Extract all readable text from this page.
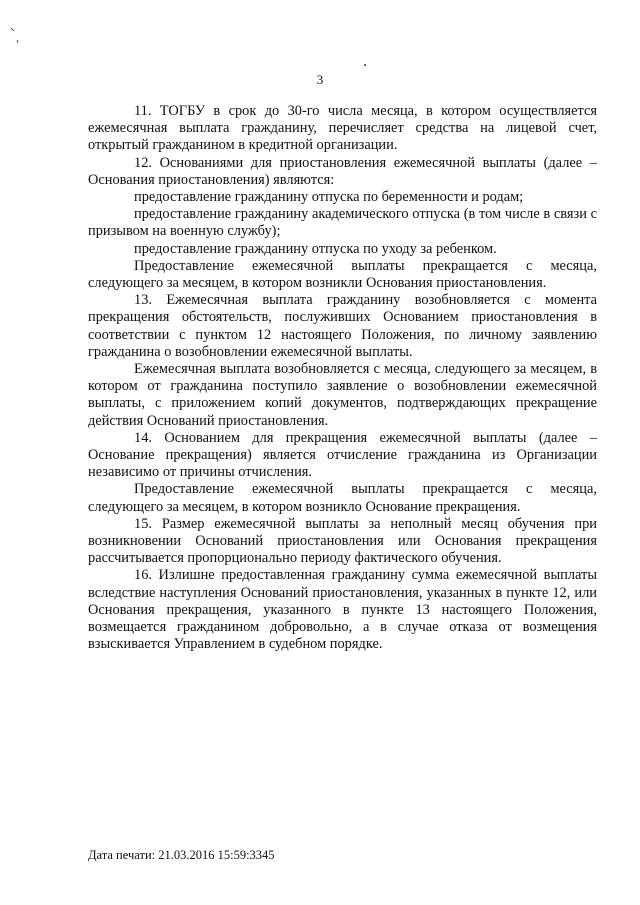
3

11. ТОГБУ в срок до 30-го числа месяца, в котором осуществляется ежемесячная выплата гражданину, перечисляет средства на лицевой счет, открытый гражданином в кредитной организации.

12. Основаниями для приостановления ежемесячной выплаты (далее – Основания приостановления) являются:

предоставление гражданину отпуска по беременности и родам;

предоставление гражданину академического отпуска (в том числе в связи с призывом на военную службу);

предоставление гражданину отпуска по уходу за ребенком.

Предоставление ежемесячной выплаты прекращается с месяца, следующего за месяцем, в котором возникли Основания приостановления.

13. Ежемесячная выплата гражданину возобновляется с момента прекращения обстоятельств, послуживших Основанием приостановления в соответствии с пунктом 12 настоящего Положения, по личному заявлению гражданина о возобновлении ежемесячной выплаты.

Ежемесячная выплата возобновляется с месяца, следующего за месяцем, в котором от гражданина поступило заявление о возобновлении ежемесячной выплаты, с приложением копий документов, подтверждающих прекращение действия Оснований приостановления.

14. Основанием для прекращения ежемесячной выплаты (далее – Основание прекращения) является отчисление гражданина из Организации независимо от причины отчисления.

Предоставление ежемесячной выплаты прекращается с месяца, следующего за месяцем, в котором возникло Основание прекращения.

15. Размер ежемесячной выплаты за неполный месяц обучения при возникновении Оснований приостановления или Основания прекращения рассчитывается пропорционально периоду фактического обучения.

16. Излишне предоставленная гражданину сумма ежемесячной выплаты вследствие наступления Оснований приостановления, указанных в пункте 12, или Основания прекращения, указанного в пункте 13 настоящего Положения, возмещается гражданином добровольно, а в случае отказа от возмещения взыскивается Управлением в судебном порядке.

Дата печати: 21.03.2016 15:59:3345
